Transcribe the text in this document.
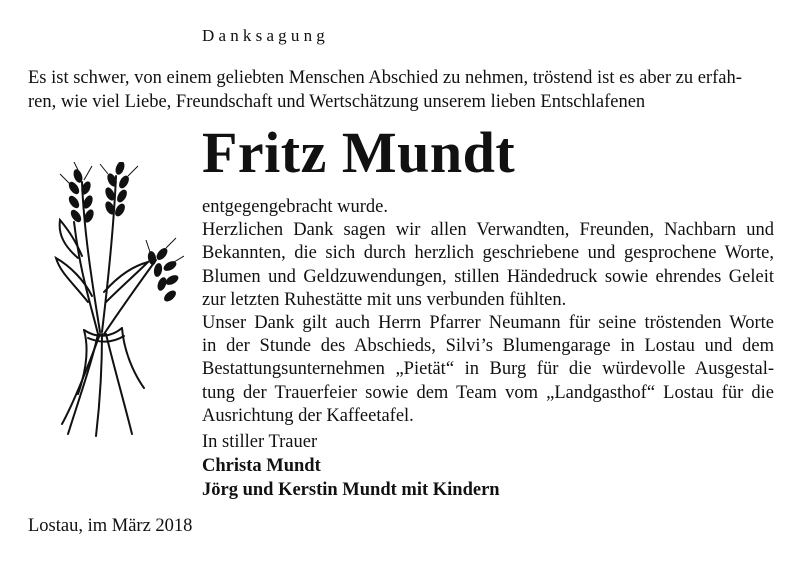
Danksagung
Es ist schwer, von einem geliebten Menschen Abschied zu nehmen, tröstend ist es aber zu erfah-
ren, wie viel Liebe, Freundschaft und Wertschätzung unserem lieben Entschlafenen
Fritz Mundt
entgegengebracht wurde.
Herzlichen Dank sagen wir allen Verwandten, Freunden, Nachbarn und
Bekannten, die sich durch herzlich geschriebene und gesprochene Worte,
Blumen und Geldzuwendungen, stillen Händedruck sowie ehrendes Geleit
zur letzten Ruhestätte mit uns verbunden fühlten.
Unser Dank gilt auch Herrn Pfarrer Neumann für seine tröstenden Worte
in der Stunde des Abschieds, Silvi’s Blumengarage in Lostau und dem
Bestattungsunternehmen „Pietät“ in Burg für die würdevolle Ausgestal-
tung der Trauerfeier sowie dem Team vom „Landgasthof“ Lostau für die
Ausrichtung der Kaffeetafel.
In stiller Trauer
Christa Mundt
Jörg und Kerstin Mundt mit Kindern
Lostau, im März 2018
